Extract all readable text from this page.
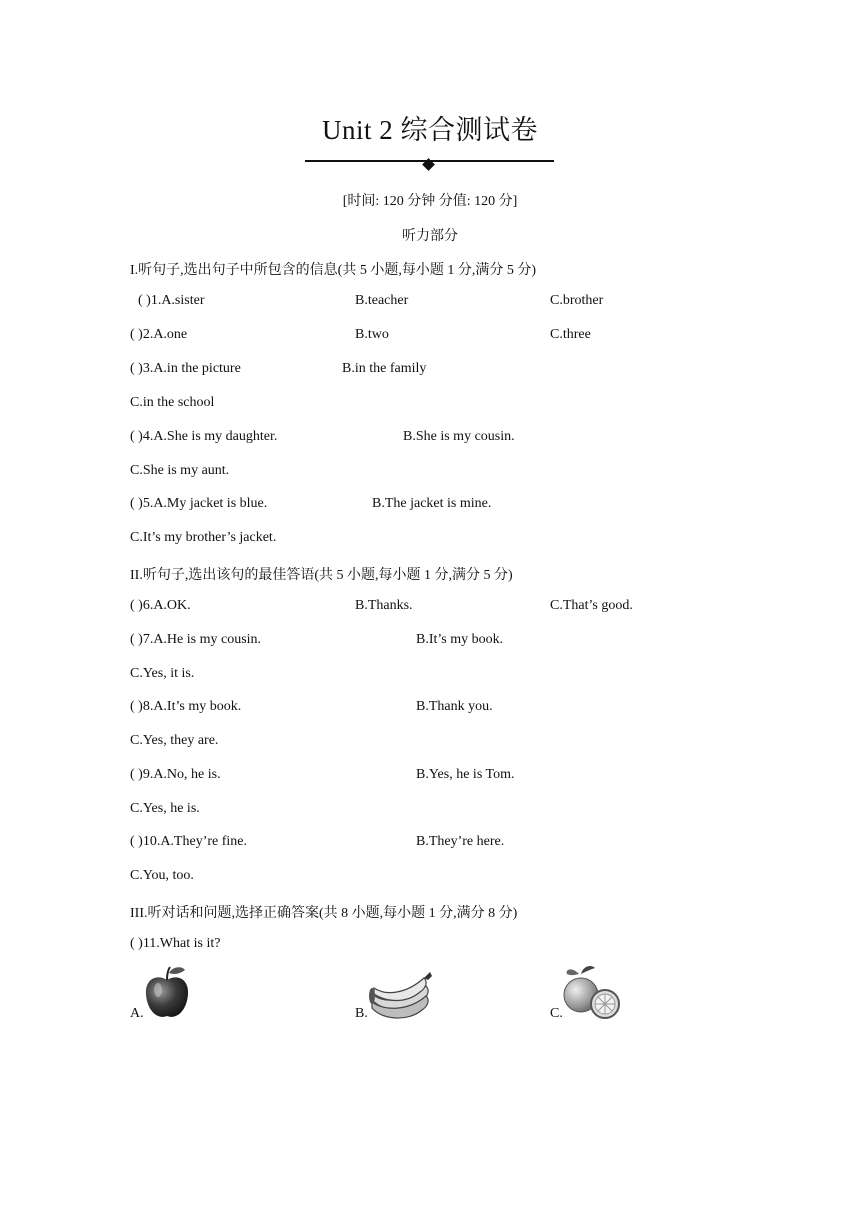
Unit 2 综合测试卷
[时间: 120 分钟 分值: 120 分]
听力部分
I.听句子,选出句子中所包含的信息(共 5 小题,每小题 1 分,满分 5 分)
( )1.A.sister	B.teacher	C.brother
( )2.A.one	B.two	C.three
( )3.A.in the picture	B.in the family
C.in the school
( )4.A.She is my daughter.	B.She is my cousin.
C.She is my aunt.
( )5.A.My jacket is blue.	B.The jacket is mine.
C.It’s my brother’s jacket.
II.听句子,选出该句的最佳答语(共 5 小题,每小题 1 分,满分 5 分)
( )6.A.OK.	B.Thanks.	C.That’s good.
( )7.A.He is my cousin.	B.It’s my book.
C.Yes, it is.
( )8.A.It’s my book.	B.Thank you.
C.Yes, they are.
( )9.A.No, he is.	B.Yes, he is Tom.
C.Yes, he is.
( )10.A.They’re fine.	B.They’re here.
C.You, too.
III.听对话和问题,选择正确答案(共 8 小题,每小题 1 分,满分 8 分)
( )11.What is it?
A.	B.	C.
